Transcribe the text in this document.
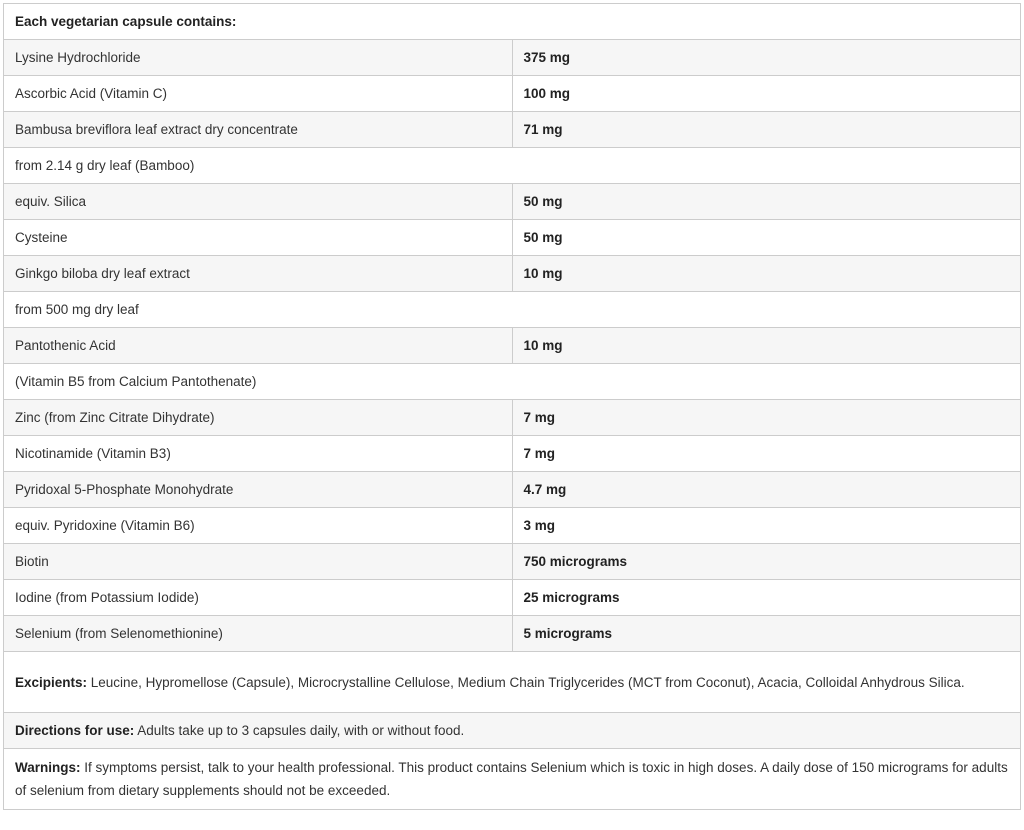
Each vegetarian capsule contains:	
Lysine Hydrochloride	375 mg
Ascorbic Acid (Vitamin C)	100 mg
Bambusa breviflora leaf extract dry concentrate	71 mg
from 2.14 g dry leaf (Bamboo)	
equiv. Silica	50 mg
Cysteine	50 mg
Ginkgo biloba dry leaf extract	10 mg
from 500 mg dry leaf	
Pantothenic Acid	10 mg
(Vitamin B5 from Calcium Pantothenate)	
Zinc (from Zinc Citrate Dihydrate)	7 mg
Nicotinamide (Vitamin B3)	7 mg
Pyridoxal 5-Phosphate Monohydrate	4.7 mg
equiv. Pyridoxine (Vitamin B6)	3 mg
Biotin	750 micrograms
Iodine (from Potassium Iodide)	25 micrograms
Selenium (from Selenomethionine)	5 micrograms
Excipients: Leucine, Hypromellose (Capsule), Microcrystalline Cellulose, Medium Chain Triglycerides (MCT from Coconut), Acacia, Colloidal Anhydrous Silica.	
Directions for use: Adults take up to 3 capsules daily, with or without food.	
Warnings: If symptoms persist, talk to your health professional. This product contains Selenium which is toxic in high doses. A daily dose of 150 micrograms for adults of selenium from dietary supplements should not be exceeded.	
